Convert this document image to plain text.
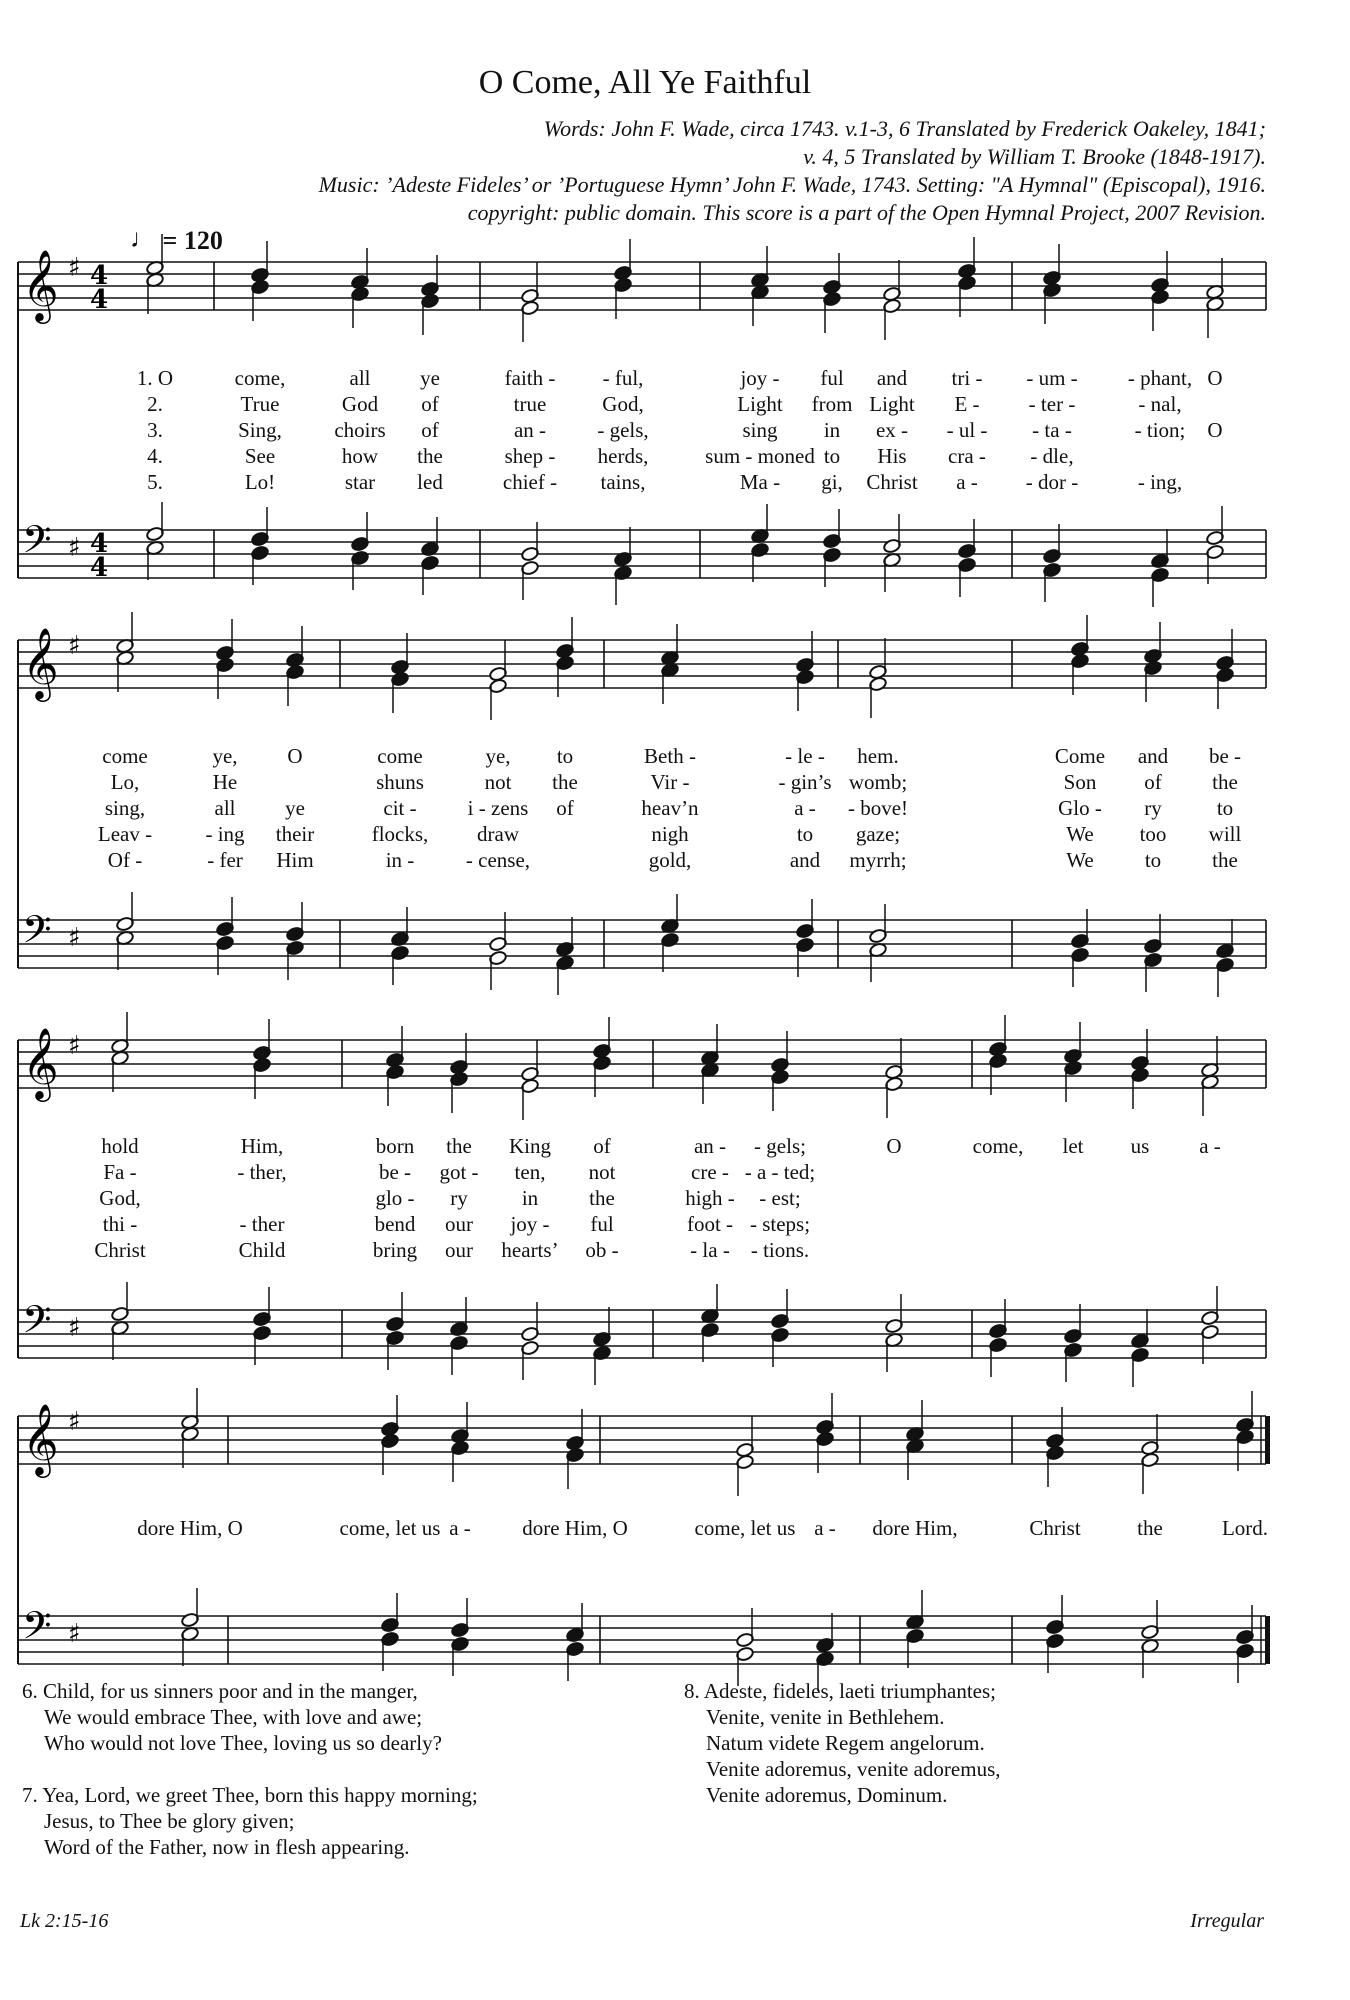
O Come, All Ye Faithful
Words: John F. Wade, circa 1743. v.1-3, 6 Translated by Frederick Oakeley, 1841;
v. 4, 5 Translated by William T. Brooke (1848-1917).
Music: ’Adeste Fideles’ or ’Portuguese Hymn’ John F. Wade, 1743. Setting: "A Hymnal" (Episcopal), 1916.
copyright: public domain. This score is a part of the Open Hymnal Project, 2007 Revision.
♩ = 120
𝄞 ♯ 4
4
𝄢 ♯ 4
4
𝄞 ♯
𝄢 ♯
𝄞 ♯
𝄢 ♯
𝄞 ♯
𝄢 ♯
1. O	come,	all	ye	faith -	- ful,	joy -	ful	and	tri -	- um -	- phant, O
2.	True	God	of	true	God,	Light	from Light	E -	- ter -	- nal,
3.	Sing,	choirs	of	an -	- gels,	sing	in	ex -	- ul -	- ta -	- tion;	O
4.	See	how	the	shep -	herds,	sum - moned to	His	cra -	- dle,
5.	Lo!	star	led	chief -	tains,	Ma -	gi,	Christ	a -	- dor -	- ing,
come	ye,	O	come	ye,	to	Beth -	- le -	hem.	Come	and	be -
Lo,	He	shuns	not	the	Vir -	- gin’s womb;	Son	of	the
sing,	all	ye	cit -	i - zens	of	heav’n	a -	- bove!	Glo -	ry	to
Leav -	- ing	their	flocks,	draw	nigh	to	gaze;	We	too	will
Of -	- fer	Him	in -	- cense,	gold,	and	myrrh;	We	to	the
hold	Him,	born	the	King	of	an -	- gels;	O	come,	let	us	a -
Fa -	- ther,	be -	got -	ten,	not	cre - - a - ted;
God,	glo -	ry	in	the	high -	- est;
thi -	- ther	bend	our	joy -	ful	foot - - steps;
Christ	Child	bring	our	hearts’	ob -	- la -	- tions.
dore Him, O	come, let us a -	dore Him, O	come, let us a -	dore Him,	Christ	the	Lord.
6. Child, for us sinners poor and in the manger,
We would embrace Thee, with love and awe;
Who would not love Thee, loving us so dearly?
7. Yea, Lord, we greet Thee, born this happy morning;
Jesus, to Thee be glory given;
Word of the Father, now in flesh appearing.
8. Adeste, fideles, laeti triumphantes;
Venite, venite in Bethlehem.
Natum videte Regem angelorum.
Venite adoremus, venite adoremus,
Venite adoremus, Dominum.
Lk 2:15-16	Irregular
